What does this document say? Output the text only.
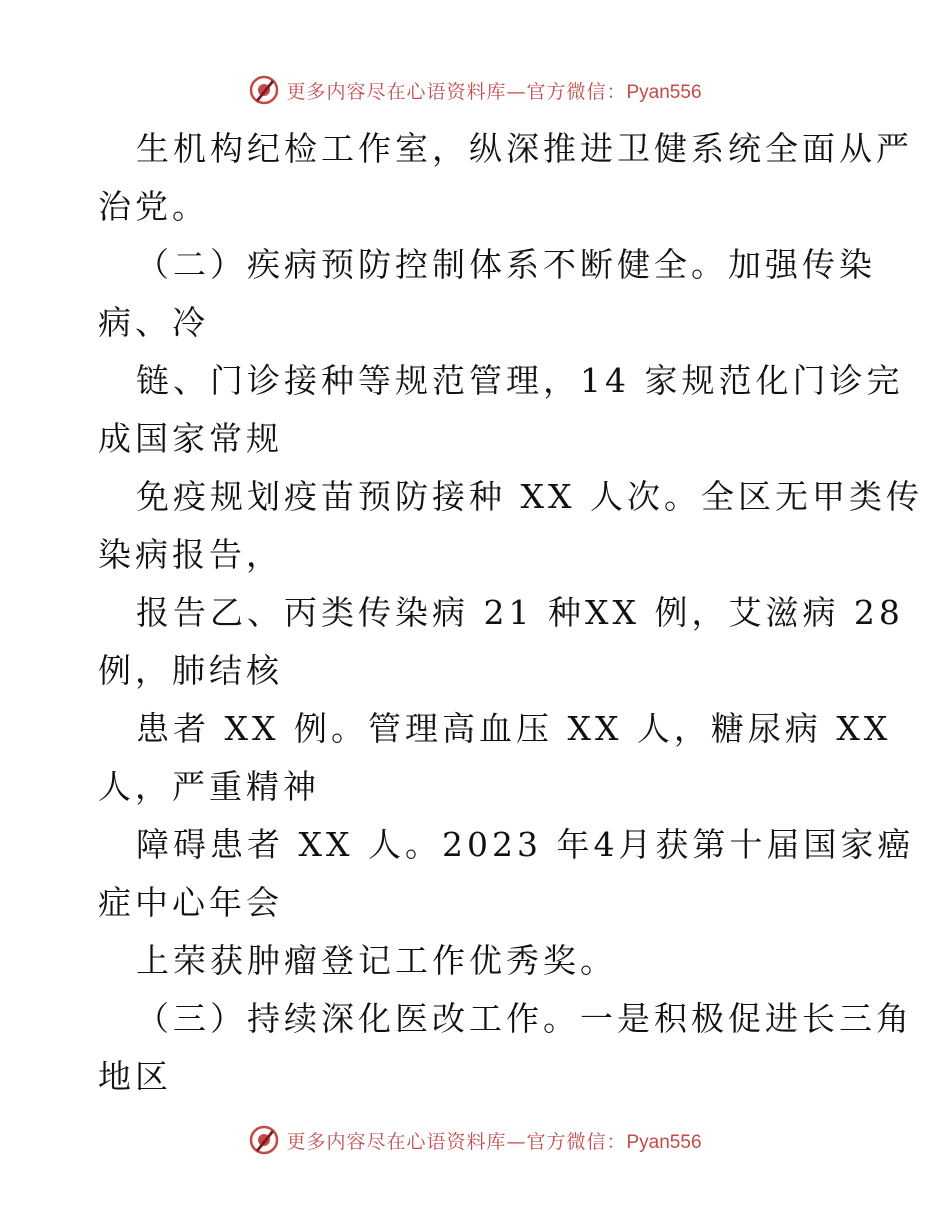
更多内容尽在心语资料库—官方微信：Pyan556
生机构纪检工作室，纵深推进卫健系统全面从严
治党。
（二）疾病预防控制体系不断健全。加强传染
病、冷
链、门诊接种等规范管理，14 家规范化门诊完
成国家常规
免疫规划疫苗预防接种 XX 人次。全区无甲类传
染病报告，
报告乙、丙类传染病 21 种XX 例，艾滋病 28
例，肺结核
患者 XX 例。管理高血压 XX 人，糖尿病 XX
人，严重精神
障碍患者 XX 人。2023 年4月获第十届国家癌
症中心年会
上荣获肿瘤登记工作优秀奖。
（三）持续深化医改工作。一是积极促进长三角
地区
更多内容尽在心语资料库—官方微信：Pyan556
